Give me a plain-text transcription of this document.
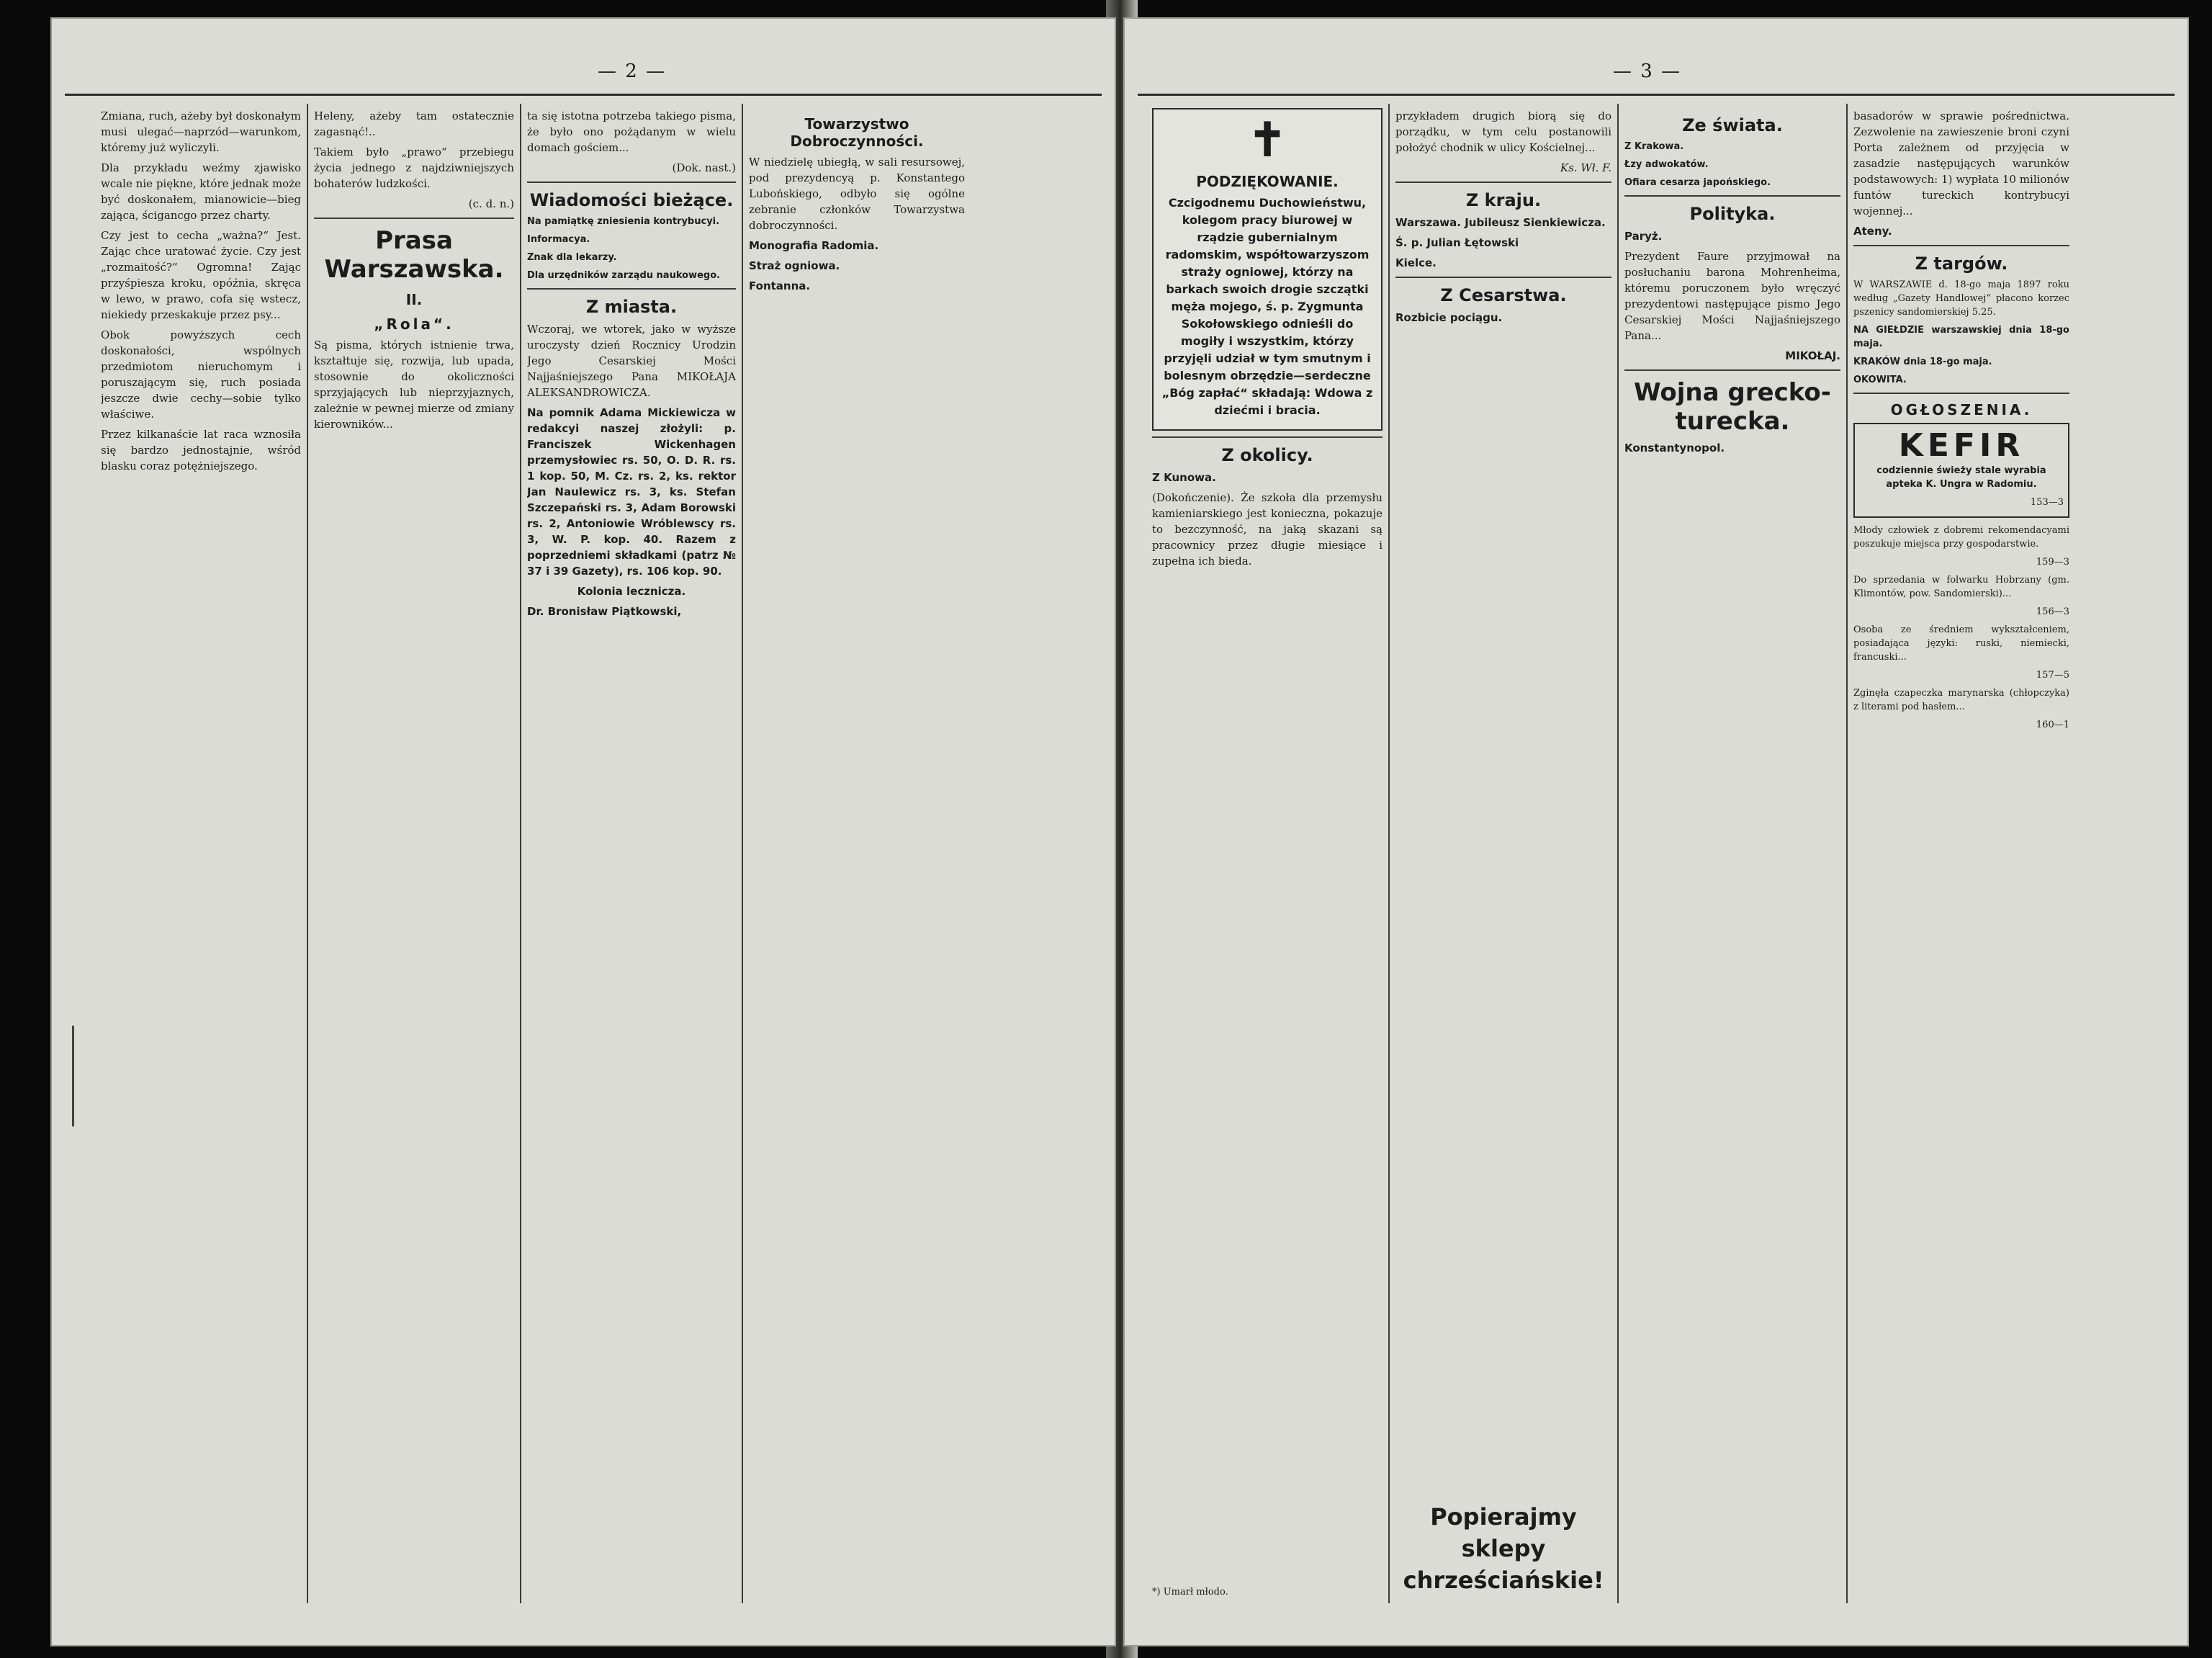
— 2 —

Zmiana, ruch, ażeby był doskonałym musi ulegać—naprzód—warunkom, któremy już wyliczyli.

Dla przykładu weźmy zjawisko wcale nie piękne, które jednak może być doskonałem, mianowicie—bieg zająca, ścigancgo przez charty.

Czy jest to cecha „ważna?“ Jest. Zając chce uratować życie. Czy jest „rozmaitość?“ Ogromna! Zając przyśpiesza kroku, opóźnia, skręca w lewo, w prawo, cofa się wstecz, niekiedy przeskakuje przez psy...

Obok powyższych cech doskonałości, wspólnych przedmiotom nieruchomym i poruszającym się, ruch posiada jeszcze dwie cechy—sobie tylko właściwe.

Przez kilkanaście lat raca wznosiła się bardzo jednostajnie, wśród blasku coraz potężniejszego.

Heleny, ażeby tam ostatecznie zagasnąć!..

Takiem było „prawo“ przebiegu życia jednego z najdziwniejszych bohaterów ludzkości.

(c. d. n.)

Prasa Warszawska.
II.
„Rola“.

Są pisma, których istnienie trwa, kształtuje się, rozwija, lub upada, stosownie do okoliczności sprzyjających lub nieprzyjaznych, zależnie w pewnej mierze od zmiany kierowników...

ta się istotna potrzeba takiego pisma, że było ono pożądanym w wielu domach gościem...

(Dok. nast.)

Wiadomości bieżące.

Na pamiątkę zniesienia kontrybucyi.

Informacya.

Znak dla lekarzy.

Dla urzędników zarządu naukowego.

Z miasta.

Wczoraj, we wtorek, jako w wyższe uroczysty dzień Rocznicy Urodzin Jego Cesarskiej Mości Najjaśniejszego Pana MIKOŁAJA ALEKSANDROWICZA.

Na pomnik Adama Mickiewicza w redakcyi naszej złożyli: p. Franciszek Wickenhagen przemysłowiec rs. 50, O. D. R. rs. 1 kop. 50, M. Cz. rs. 2, ks. rektor Jan Naulewicz rs. 3, ks. Stefan Szczepański rs. 3, Adam Borowski rs. 2, Antoniowie Wróblewscy rs. 3, W. P. kop. 40. Razem z poprzedniemi składkami (patrz № 37 i 39 Gazety), rs. 106 kop. 90.

Kolonia leczniczа.

Dr. Bronisław Piątkowski,

Towarzystwo Dobroczynności.

W niedzielę ubiegłą, w sali resursowej, pod prezydencyą p. Konstantego Lubońskiego, odbyło się ogólne zebranie członków Towarzystwa dobroczynności.

Monografia Radomia.

Straż ogniowa.

Fontanna.

— 3 —
✝
PODZIĘKOWANIE.

Czcigodnemu Duchowieństwu, kolegom pracy biurowej w rządzie gubernialnym radomskim, współtowarzyszom straży ogniowej, którzy na barkach swoich drogie szczątki męża mojego, ś. p. Zygmunta Sokołowskiego odnieśli do mogiły i wszystkim, którzy przyjęli udział w tym smutnym i bolesnym obrzędzie—serdeczne „Bóg zapłać“ składają: Wdowa z dziećmi i bracia.

Z okolicy.

Z Kunowa.

(Dokończenie). Że szkoła dla przemysłu kamieniarskiego jest konieczna, pokazuje to bezczynność, na jaką skazani są pracownicy przez długie miesiące i zupełna ich bieda.

*) Umarł młodo.

przykładem drugich biorą się do porządku, w tym celu postanowili położyć chodnik w ulicy Kościelnej...

Ks. Wł. F.

Z kraju.

Warszawa. Jubileusz Sienkiewicza.

Ś. p. Julian Łętowski

Kielce.

Z Cesarstwa.

Rozbicie pociągu.

Popierajmy sklepy chrześciańskie!
Ze świata.

Z Krakowa.

Łzy adwokatów.

Ofiara cesarza japońskiego.

Polityka.

Paryż.

Prezydent Faure przyjmował na posłuchaniu barona Mohrenheima, któremu poruczonem było wręczyć prezydentowi następujące pismo Jego Cesarskiej Mości Najjaśniejszego Pana...

MIKOŁAJ.

Wojna grecko-turecka.

Konstantynopol.

basadorów w sprawie pośrednictwa. Zezwolenie na zawieszenie broni czyni Porta zależnem od przyjęcia w zasadzie następujących warunków podstawowych: 1) wypłata 10 milionów funtów tureckich kontrybucyi wojennej...

Ateny.

Z targów.

W WARSZAWIE d. 18-go maja 1897 roku według „Gazety Handlowej“ płacono korzec pszenicy sandomierskiej 5.25.

NA GIEŁDZIE warszawskiej dnia 18-go maja.

KRAKÓW dnia 18-go maja.

OKOWITA.

OGŁOSZENIA.
KEFIR

codziennie świeży stale wyrabia apteka K. Ungra w Radomiu.

153—3

Młody człowiek z dobremi rekomendacyami poszukuje miejsca przy gospodarstwie.

159—3

Do sprzedania w folwarku Hobrzany (gm. Klimontów, pow. Sandomierski)...

156—3

Osoba ze średniem wykształceniem, posiadająca języki: ruski, niemiecki, francuski...

157—5

Zginęła czapeczka marynarska (chłopczyka) z literami pod hasłem...

160—1
